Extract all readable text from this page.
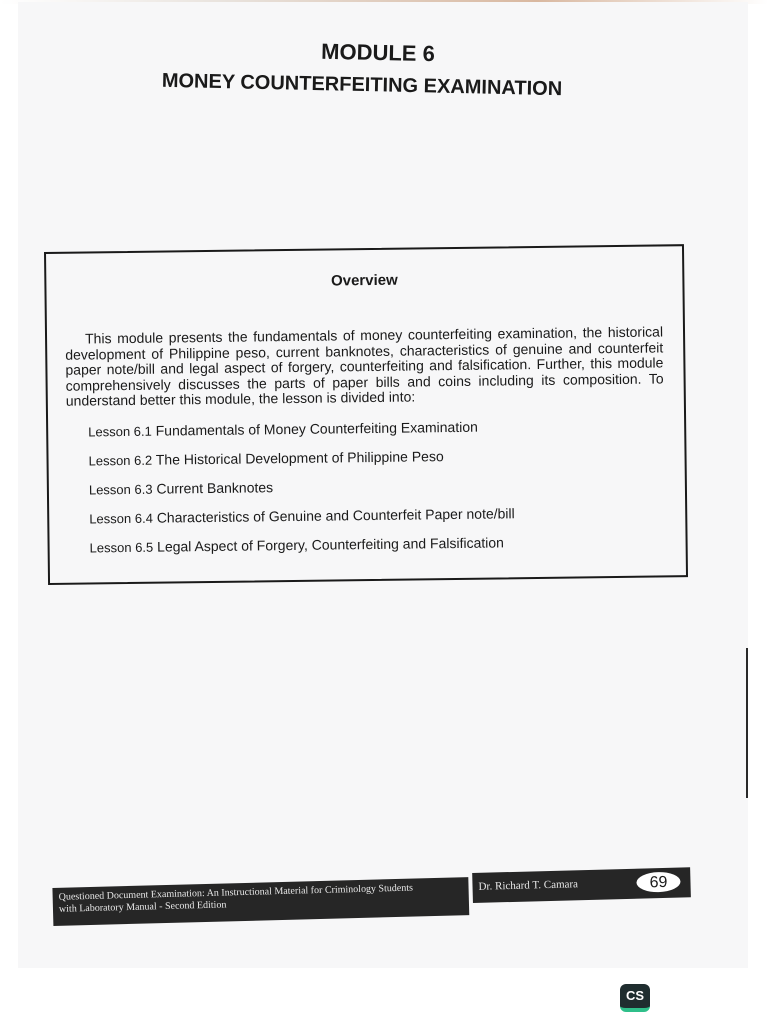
MODULE 6
MONEY COUNTERFEITING EXAMINATION
Overview
This module presents the fundamentals of money counterfeiting examination, the historical development of Philippine peso, current banknotes, characteristics of genuine and counterfeit paper note/bill and legal aspect of forgery, counterfeiting and falsification. Further, this module comprehensively discusses the parts of paper bills and coins including its composition. To understand better this module, the lesson is divided into:
Lesson 6.1 Fundamentals of Money Counterfeiting Examination
Lesson 6.2 The Historical Development of Philippine Peso
Lesson 6.3 Current Banknotes
Lesson 6.4 Characteristics of Genuine and Counterfeit Paper note/bill
Lesson 6.5 Legal Aspect of Forgery, Counterfeiting and Falsification
Questioned Document Examination: An Instructional Material for Criminology Students
with Laboratory Manual - Second Edition
Dr. Richard T. Camara	69
CS
